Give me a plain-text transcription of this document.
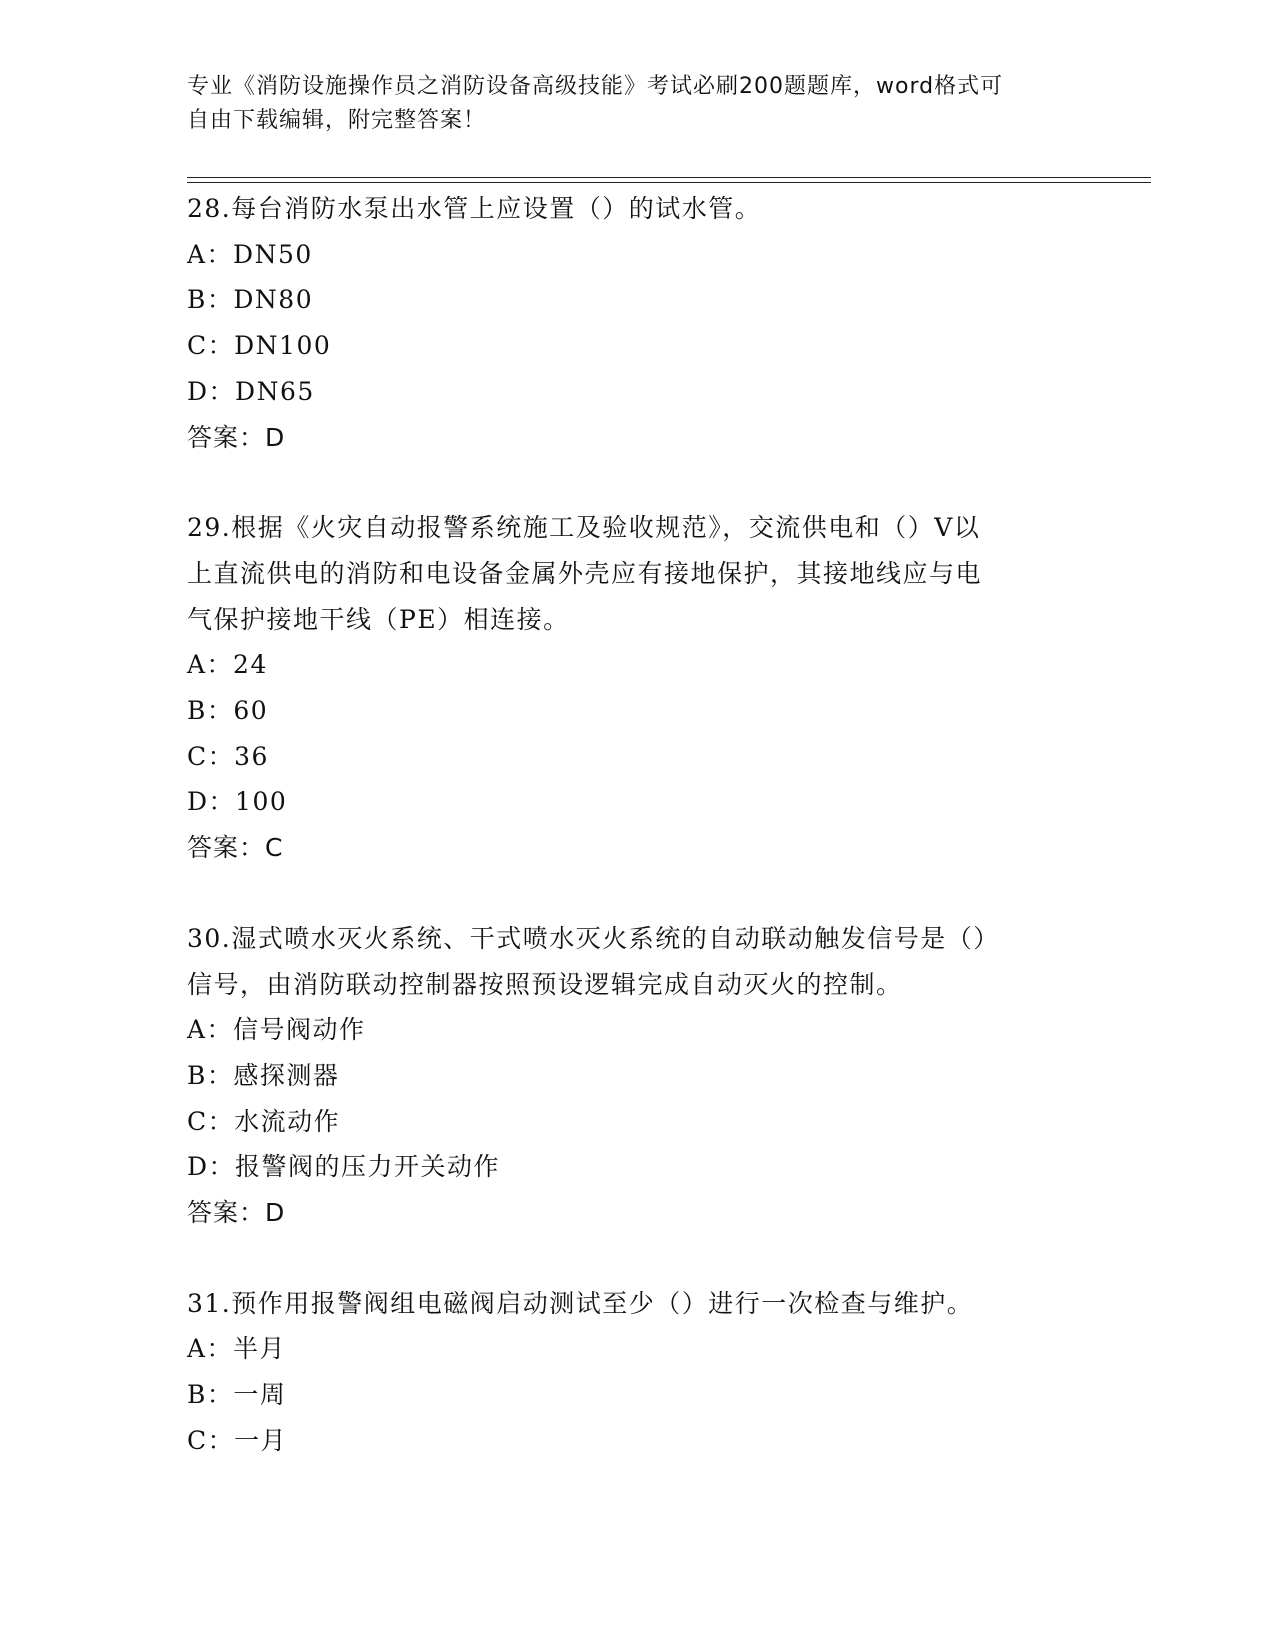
专业《消防设施操作员之消防设备高级技能》考试必刷200题题库，word格式可
自由下载编辑，附完整答案！

28.每台消防水泵出水管上应设置（）的试水管。

A：DN50

B：DN80

C：DN100

D：DN65

答案：D

29.根据《火灾自动报警系统施工及验收规范》，交流供电和（）V以

上直流供电的消防和电设备金属外壳应有接地保护，其接地线应与电

气保护接地干线（PE）相连接。

A：24

B：60

C：36

D：100

答案：C

30.湿式喷水灭火系统、干式喷水灭火系统的自动联动触发信号是（）

信号，由消防联动控制器按照预设逻辑完成自动灭火的控制。

A：信号阀动作

B：感探测器

C：水流动作

D：报警阀的压力开关动作

答案：D

31.预作用报警阀组电磁阀启动测试至少（）进行一次检查与维护。

A：半月

B：一周

C：一月
